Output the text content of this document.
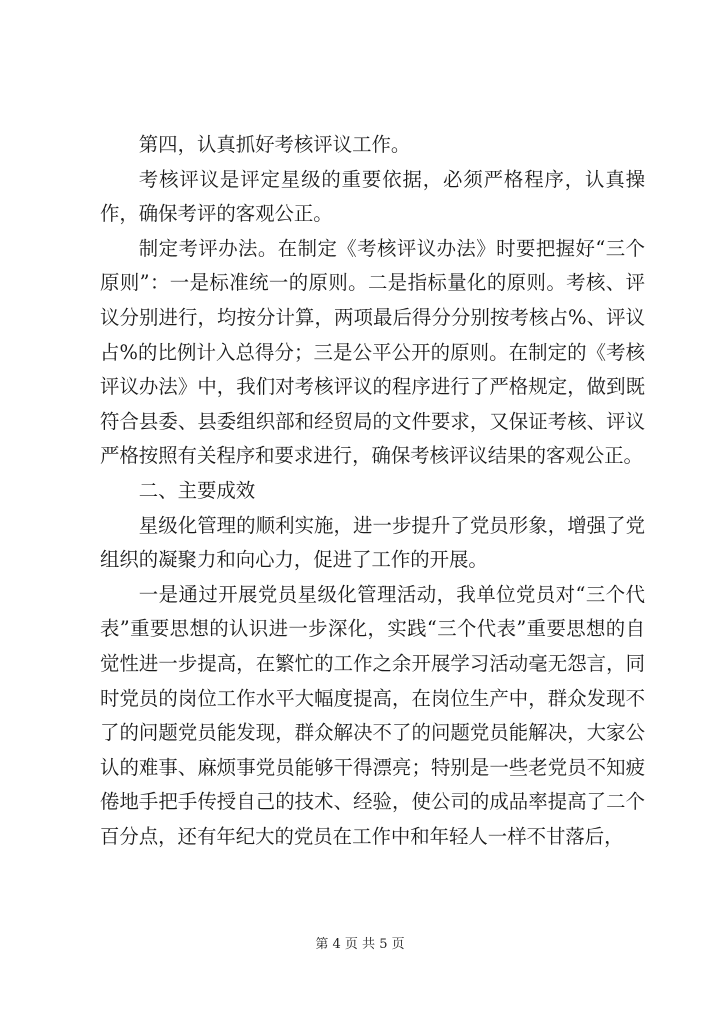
第四，认真抓好考核评议工作。

考核评议是评定星级的重要依据，必须严格程序，认真操作，确保考评的客观公正。

制定考评办法。在制定《考核评议办法》时要把握好“三个原则”：一是标准统一的原则。二是指标量化的原则。考核、评议分别进行，均按分计算，两项最后得分分别按考核占%、评议占%的比例计入总得分；三是公平公开的原则。在制定的《考核评议办法》中，我们对考核评议的程序进行了严格规定，做到既符合县委、县委组织部和经贸局的文件要求，又保证考核、评议严格按照有关程序和要求进行，确保考核评议结果的客观公正。

二、主要成效

星级化管理的顺利实施，进一步提升了党员形象，增强了党组织的凝聚力和向心力，促进了工作的开展。

一是通过开展党员星级化管理活动，我单位党员对“三个代表”重要思想的认识进一步深化，实践“三个代表”重要思想的自觉性进一步提高，在繁忙的工作之余开展学习活动毫无怨言，同时党员的岗位工作水平大幅度提高，在岗位生产中，群众发现不了的问题党员能发现，群众解决不了的问题党员能解决，大家公认的难事、麻烦事党员能够干得漂亮；特别是一些老党员不知疲倦地手把手传授自己的技术、经验，使公司的成品率提高了二个百分点，还有年纪大的党员在工作中和年轻人一样不甘落后，

第 4 页 共 5 页
